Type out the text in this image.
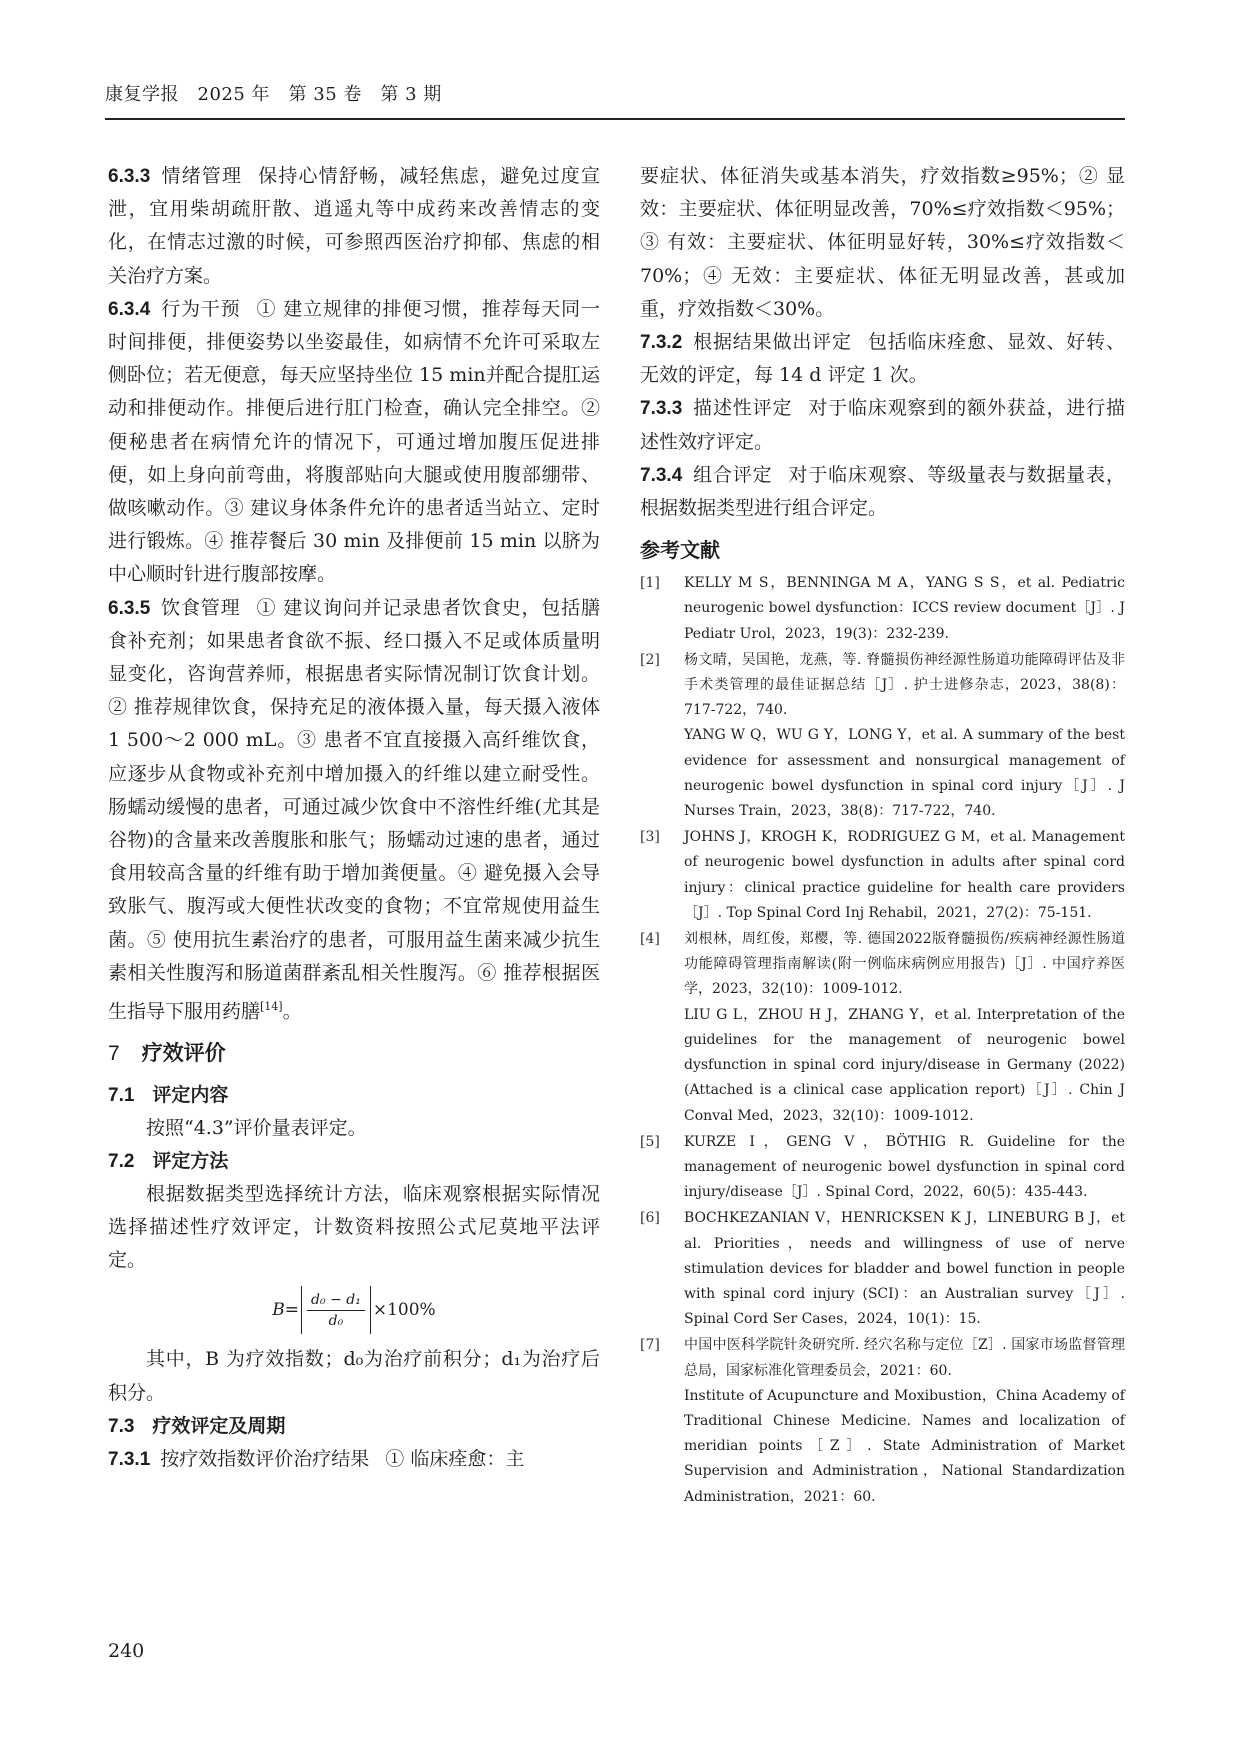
康复学报　2025 年　第 35 卷　第 3 期

6.3.3 情绪管理 保持心情舒畅，减轻焦虑，避免过度宣泄，宜用柴胡疏肝散、逍遥丸等中成药来改善情志的变化，在情志过激的时候，可参照西医治疗抑郁、焦虑的相关治疗方案。

6.3.4 行为干预 ① 建立规律的排便习惯，推荐每天同一时间排便，排便姿势以坐姿最佳，如病情不允许可采取左侧卧位；若无便意，每天应坚持坐位 15 min并配合提肛运动和排便动作。排便后进行肛门检查，确认完全排空。② 便秘患者在病情允许的情况下，可通过增加腹压促进排便，如上身向前弯曲，将腹部贴向大腿或使用腹部绷带、做咳嗽动作。③ 建议身体条件允许的患者适当站立、定时进行锻炼。④ 推荐餐后 30 min 及排便前 15 min 以脐为中心顺时针进行腹部按摩。

6.3.5 饮食管理 ① 建议询问并记录患者饮食史，包括膳食补充剂；如果患者食欲不振、经口摄入不足或体质量明显变化，咨询营养师，根据患者实际情况制订饮食计划。② 推荐规律饮食，保持充足的液体摄入量，每天摄入液体 1 500～2 000 mL。③ 患者不宜直接摄入高纤维饮食，应逐步从食物或补充剂中增加摄入的纤维以建立耐受性。肠蠕动缓慢的患者，可通过减少饮食中不溶性纤维(尤其是谷物)的含量来改善腹胀和胀气；肠蠕动过速的患者，通过食用较高含量的纤维有助于增加粪便量。④ 避免摄入会导致胀气、腹泻或大便性状改变的食物；不宜常规使用益生菌。⑤ 使用抗生素治疗的患者，可服用益生菌来减少抗生素相关性腹泻和肠道菌群紊乱相关性腹泻。⑥ 推荐根据医生指导下服用药膳[14]。

7 疗效评价

7.1 评定内容

按照“4.3”评价量表评定。

7.2 评定方法

根据数据类型选择统计方法，临床观察根据实际情况选择描述性疗效评定，计数资料按照公式尼莫地平法评定。

$B= \frac{\text{d₀ − d₁}}{\text{d₀}} \times 100\%$

其中，B 为疗效指数；d₀为治疗前积分；d₁为治疗后积分。

7.3 疗效评定及周期

7.3.1 按疗效指数评价治疗结果 ① 临床痊愈：主

要症状、体征消失或基本消失，疗效指数≥95%；② 显效：主要症状、体征明显改善，70%≤疗效指数＜95%；③ 有效：主要症状、体征明显好转，30%≤疗效指数＜70%；④ 无效：主要症状、体征无明显改善，甚或加重，疗效指数＜30%。

7.3.2 根据结果做出评定 包括临床痊愈、显效、好转、无效的评定，每 14 d 评定 1 次。

7.3.3 描述性评定 对于临床观察到的额外获益，进行描述性效疗评定。

7.3.4 组合评定 对于临床观察、等级量表与数据量表，根据数据类型进行组合评定。

参考文献
[1]	KELLY M S，BENNINGA M A，YANG S S，et al. Pediatric neurogenic bowel dysfunction：ICCS review document［J］. J Pediatr Urol，2023，19(3)：232-239.

[2]	杨文晴，吴国艳，龙燕，等. 脊髓损伤神经源性肠道功能障碍评估及非手术类管理的最佳证据总结［J］. 护士进修杂志，2023，38(8)：717-722，740.

YANG W Q，WU G Y，LONG Y，et al. A summary of the best evidence for assessment and nonsurgical management of neurogenic bowel dysfunction in spinal cord injury［J］. J Nurses Train，2023，38(8)：717-722，740.

[3]	JOHNS J，KROGH K，RODRIGUEZ G M，et al. Management of neurogenic bowel dysfunction in adults after spinal cord injury：clinical practice guideline for health care providers［J］. Top Spinal Cord Inj Rehabil，2021，27(2)：75-151.

[4]	刘根林，周红俊，郑樱，等. 德国2022版脊髓损伤/疾病神经源性肠道功能障碍管理指南解读(附一例临床病例应用报告)［J］. 中国疗养医学，2023，32(10)：1009-1012.

LIU G L，ZHOU H J，ZHANG Y，et al. Interpretation of the guidelines for the management of neurogenic bowel dysfunction in spinal cord injury/disease in Germany (2022)(Attached is a clinical case application report)［J］. Chin J Conval Med，2023，32(10)：1009-1012.

[5]	KURZE I，GENG V，BÖTHIG R. Guideline for the management of neurogenic bowel dysfunction in spinal cord injury/disease［J］. Spinal Cord，2022，60(5)：435-443.

[6]	BOCHKEZANIAN V，HENRICKSEN K J，LINEBURG B J，et al. Priorities，needs and willingness of use of nerve stimulation devices for bladder and bowel function in people with spinal cord injury (SCI)：an Australian survey［J］. Spinal Cord Ser Cases，2024，10(1)：15.

[7]	中国中医科学院针灸研究所. 经穴名称与定位［Z］. 国家市场监督管理总局，国家标准化管理委员会，2021：60.

Institute of Acupuncture and Moxibustion，China Academy of Traditional Chinese Medicine. Names and localization of meridian points［Z］. State Administration of Market Supervision and Administration，National Standardization Administration，2021：60.

240
